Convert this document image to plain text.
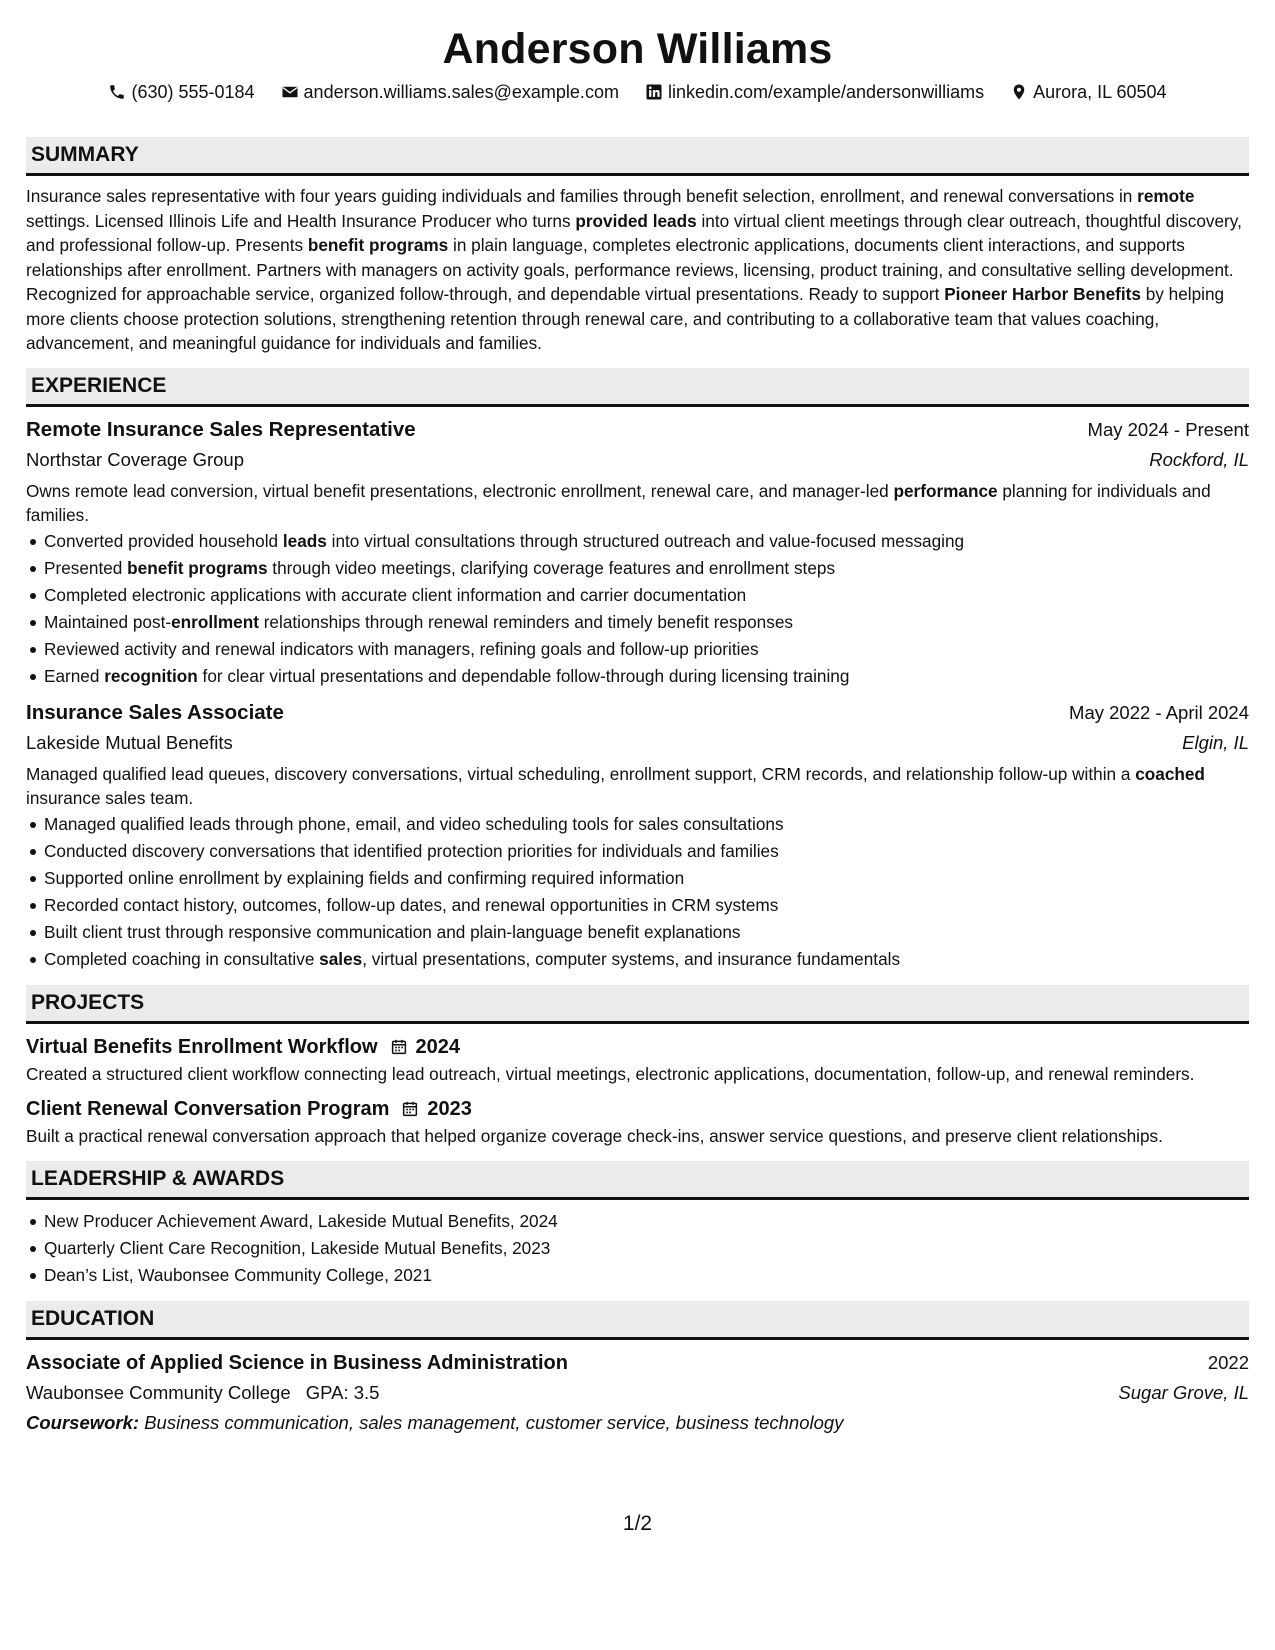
Anderson Williams
(630) 555-0184	anderson.williams.sales@example.com	linkedin.com/example/andersonwilliams	Aurora, IL 60504
SUMMARY
Insurance sales representative with four years guiding individuals and families through benefit selection, enrollment, and renewal conversations in remote settings. Licensed Illinois Life and Health Insurance Producer who turns provided leads into virtual client meetings through clear outreach, thoughtful discovery, and professional follow-up. Presents benefit programs in plain language, completes electronic applications, documents client interactions, and supports relationships after enrollment. Partners with managers on activity goals, performance reviews, licensing, product training, and consultative selling development. Recognized for approachable service, organized follow-through, and dependable virtual presentations. Ready to support Pioneer Harbor Benefits by helping more clients choose protection solutions, strengthening retention through renewal care, and contributing to a collaborative team that values coaching, advancement, and meaningful guidance for individuals and families.
EXPERIENCE
Remote Insurance Sales Representative	May 2024 - Present
Northstar Coverage Group	Rockford, IL
Owns remote lead conversion, virtual benefit presentations, electronic enrollment, renewal care, and manager-led performance planning for individuals and families.
Converted provided household leads into virtual consultations through structured outreach and value-focused messaging
Presented benefit programs through video meetings, clarifying coverage features and enrollment steps
Completed electronic applications with accurate client information and carrier documentation
Maintained post-enrollment relationships through renewal reminders and timely benefit responses
Reviewed activity and renewal indicators with managers, refining goals and follow-up priorities
Earned recognition for clear virtual presentations and dependable follow-through during licensing training
Insurance Sales Associate	May 2022 - April 2024
Lakeside Mutual Benefits	Elgin, IL
Managed qualified lead queues, discovery conversations, virtual scheduling, enrollment support, CRM records, and relationship follow-up within a coached insurance sales team.
Managed qualified leads through phone, email, and video scheduling tools for sales consultations
Conducted discovery conversations that identified protection priorities for individuals and families
Supported online enrollment by explaining fields and confirming required information
Recorded contact history, outcomes, follow-up dates, and renewal opportunities in CRM systems
Built client trust through responsive communication and plain-language benefit explanations
Completed coaching in consultative sales, virtual presentations, computer systems, and insurance fundamentals
PROJECTS
Virtual Benefits Enrollment Workflow 2024
Created a structured client workflow connecting lead outreach, virtual meetings, electronic applications, documentation, follow-up, and renewal reminders.
Client Renewal Conversation Program 2023
Built a practical renewal conversation approach that helped organize coverage check-ins, answer service questions, and preserve client relationships.
LEADERSHIP & AWARDS
New Producer Achievement Award, Lakeside Mutual Benefits, 2024
Quarterly Client Care Recognition, Lakeside Mutual Benefits, 2023
Dean’s List, Waubonsee Community College, 2021
EDUCATION
Associate of Applied Science in Business Administration	2022
Waubonsee Community College GPA: 3.5	Sugar Grove, IL
Coursework: Business communication, sales management, customer service, business technology
1/2
